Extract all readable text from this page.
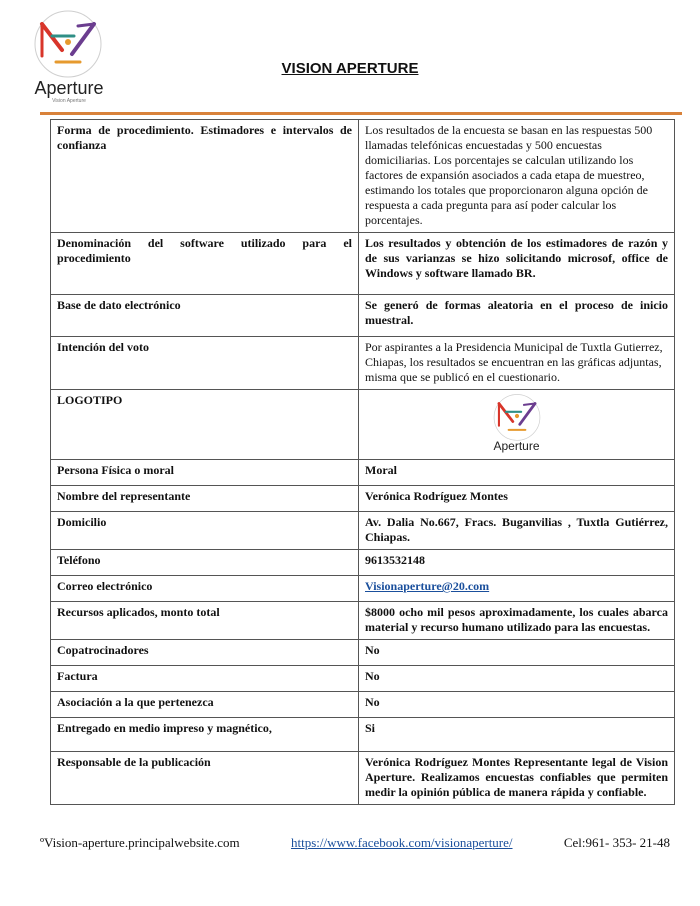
Aperture
Vision Aperture
VISION APERTURE
Forma de procedimiento. Estimadores e intervalos de confianza	Los resultados de la encuesta se basan en las respuestas 500 llamadas telefónicas encuestadas y 500 encuestas domiciliarias. Los porcentajes se calculan utilizando los factores de expansión asociados a cada etapa de muestreo, estimando los totales que proporcionaron alguna opción de respuesta a cada pregunta para así poder calcular los porcentajes.
Denominación del software utilizado para el procedimiento	Los resultados y obtención de los estimadores de razón y de sus varianzas se hizo solicitando microsof, office de Windows y software llamado BR.
Base de dato electrónico	Se generó de formas aleatoria en el proceso de inicio muestral.
Intención del voto	Por aspirantes a la Presidencia Municipal de Tuxtla Gutierrez, Chiapas, los resultados se encuentran en las gráficas adjuntas, misma que se publicó en el cuestionario.
LOGOTIPO	Aperture

Persona Física o moral	Moral
Nombre del representante	Verónica Rodríguez Montes
Domicilio	Av. Dalia No.667, Fracs. Buganvilias , Tuxtla Gutiérrez, Chiapas.
Teléfono	9613532148
Correo electrónico	Visionaperture@20.com
Recursos aplicados, monto total	$8000 ocho mil pesos aproximadamente, los cuales abarca material y recurso humano utilizado para las encuestas.
Copatrocinadores	No
Factura	No
Asociación a la que pertenezca	No
Entregado en medio impreso y magnético,	Si
Responsable de la publicación	Verónica Rodríguez Montes Representante legal de Vision Aperture. Realizamos encuestas confiables que permiten medir la opinión pública de manera rápida y confiable.
ºVision-aperture.principalwebsite.com	https://www.facebook.com/visionaperture/	Cel:961- 353- 21-48
